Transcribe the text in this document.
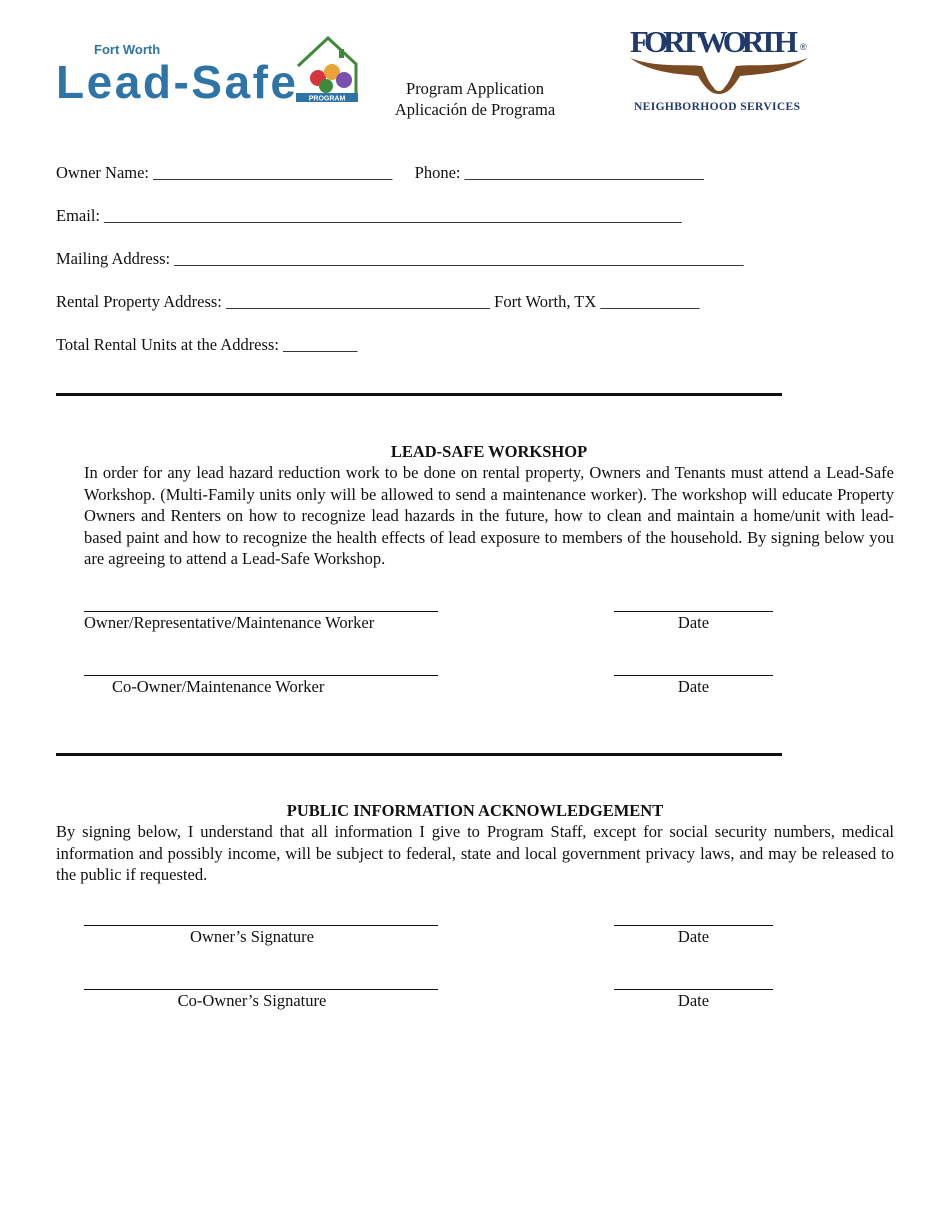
Fort Worth
Lead-Safe PROGRAM
Program Application
Aplicación de Programa
FORT WORTH ®
NEIGHBORHOOD SERVICES
Owner Name: _____________________________ Phone: _____________________________
Email: ______________________________________________________________________
Mailing Address: _____________________________________________________________________
Rental Property Address: ________________________________ Fort Worth, TX ____________
Total Rental Units at the Address: _________
LEAD-SAFE WORKSHOP
In order for any lead hazard reduction work to be done on rental property, Owners and Tenants must attend a Lead-Safe Workshop. (Multi-Family units only will be allowed to send a maintenance worker). The workshop will educate Property Owners and Renters on how to recognize lead hazards in the future, how to clean and maintain a home/unit with lead-based paint and how to recognize the health effects of lead exposure to members of the household. By signing below you are agreeing to attend a Lead-Safe Workshop.
Owner/Representative/Maintenance Worker	Date
Co-Owner/Maintenance Worker	Date
PUBLIC INFORMATION ACKNOWLEDGEMENT
By signing below, I understand that all information I give to Program Staff, except for social security numbers, medical information and possibly income, will be subject to federal, state and local government privacy laws, and may be released to the public if requested.
Owner’s Signature	Date
Co-Owner’s Signature	Date
